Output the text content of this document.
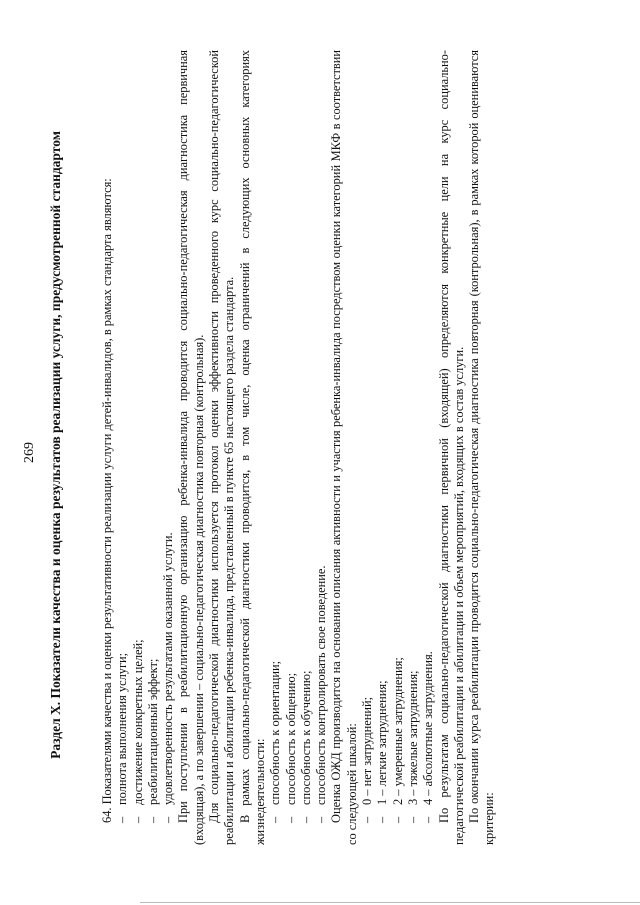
269 Раздел X. Показатели качества и оценка результатов реализации услуги, предусмотренной стандартом	64. Показателями качества и оценки результативности реализации услуги детей-инвалидов, в рамках стандарта являются: – полнота выполнения услуги; – достижение конкретных целей; – реабилитационный эффект; – удовлетворенность результатами оказанной услуги. При поступлении в реабилитационную организацию ребенка-инвалида проводится социально-педагогическая диагностика первичная (входящая), а по завершении – социально-педагогическая диагностика повторная (контрольная). Для социально-педагогической диагностики используется протокол оценки эффективности проведенного курс социально-педагогической реабилитации и абилитации ребенка-инвалида, представленный в пункте 65 настоящего раздела стандарта. В рамках социально-педагогической диагностики проводится, в том числе, оценка ограничений в следующих основных категориях жизнедеятельности: – способность к ориентации; – способность к общению; – способность к обучению; – способность контролировать свое поведение. Оценка ОЖД производится на основании описания активности и участия ребенка-инвалида посредством оценки категорий МКФ в соответствии со следующей шкалой: – 0 – нет затруднений; – 1 – легкие затруднения; – 2 – умеренные затруднения; – 3 – тяжелые затруднения; – 4 – абсолютные затруднения. По результатам социально-педагогической диагностики первичной (входящей) определяются конкретные цели на курс социально-педагогической реабилитации и абилитации и объем мероприятий, входящих в состав услуги. По окончании курса реабилитации проводится социально-педагогическая диагностика повторная (контрольная), в рамках которой оцениваются критерии:
